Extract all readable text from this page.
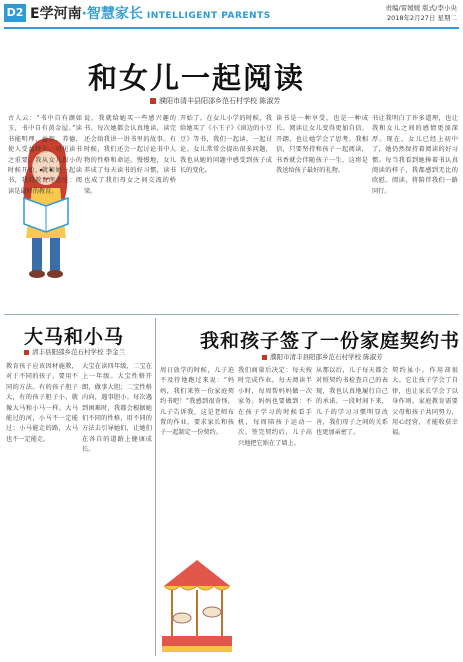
D2 E学河南·智慧家长 INTELLIGENT PARENTS
责编/雷媛媛 版式/李小央
2018年2月27日 星期二
和女儿一起阅读
濮阳市清丰县阳邵乡范石村学校 陈淑芳
古人云：“书中自有颜如玉，书中自有黄金屋。”读书能明理、益智、养德，使人受益终生。可见读书之重要。我从女儿很小的时候开始，就和她一起读书，我的教育理念是：阅读是最好的教育。
说，我就给她买一些感兴趣的书。每次她都会认真地读，读完还会给我讲一讲书里的故事。有时候，我们还会一起讨论书中人物的性格和命运。慢慢地，女儿养成了每天读书的好习惯，读书也成了我们母女之间交流的桥梁。
开始了。在女儿小学的时候，我给她买了《小王子》《窗边的小豆豆》等书，我们一起读，一起讨论。女儿常常会提出很多问题，我也从她的问题中感受到孩子成长的变化。
读书是一种享受，也是一种成长。阅读让女儿变得更加自信、开朗，也让她学会了思考。我相信，只要坚持和孩子一起阅读，书香就会伴随孩子一生，这将是我送给孩子最好的礼物。
书让我明白了许多道理，也让我和女儿之间的感情更加深厚。现在，女儿已经上初中了，她仍然保持着阅读的好习惯。每当我看到她捧着书认真阅读的样子，我都感到无比的欣慰。阅读，将陪伴我们一路同行。
大马和小马
清丰县阳邵乡范石村学校 李金兰
教育孩子应该因材施教，对于不同的孩子，要用不同的方法。有的孩子胆子大，有的孩子胆子小，就像大马和小马一样。大马能过的河，小马不一定能过；小马能走的路，大马也不一定能走。
大宝在读四年级，二宝在上一年级。大宝性格开朗，做事大胆；二宝性格内向，遇事胆小。每次遇到困难时，我都会根据她们不同的性格，用不同的方法去引导她们，让她们在各自的道路上健康成长。
我和孩子签了一份家庭契约书
濮阳市清丰县阳邵乡范石村学校 陈淑芳
周日放学的时候，儿子迫不及待地跑过来说：“妈妈，我们来签一份家庭契约书吧！”我感到很奇怪，儿子告诉我，这是老师布置的作业，要求家长和孩子一起制定一份契约。
我们商量后决定：每天按时完成作业，每天阅读半小时，每周帮妈妈做一次家务。妈妈也要做到：不在孩子学习的时候看手机，每周陪孩子运动一次。签完契约后，儿子高兴地把它贴在了墙上。
从那以后，儿子每天都会对照契约书检查自己的表现，我也认真地履行自己的承诺。一段时间下来，儿子的学习习惯明显改善，我们母子之间的关系也更加亲密了。
契约虽小，作用却很大。它让孩子学会了自律，也让家长学会了以身作则。家庭教育需要父母和孩子共同努力，用心经营，才能收获幸福。
